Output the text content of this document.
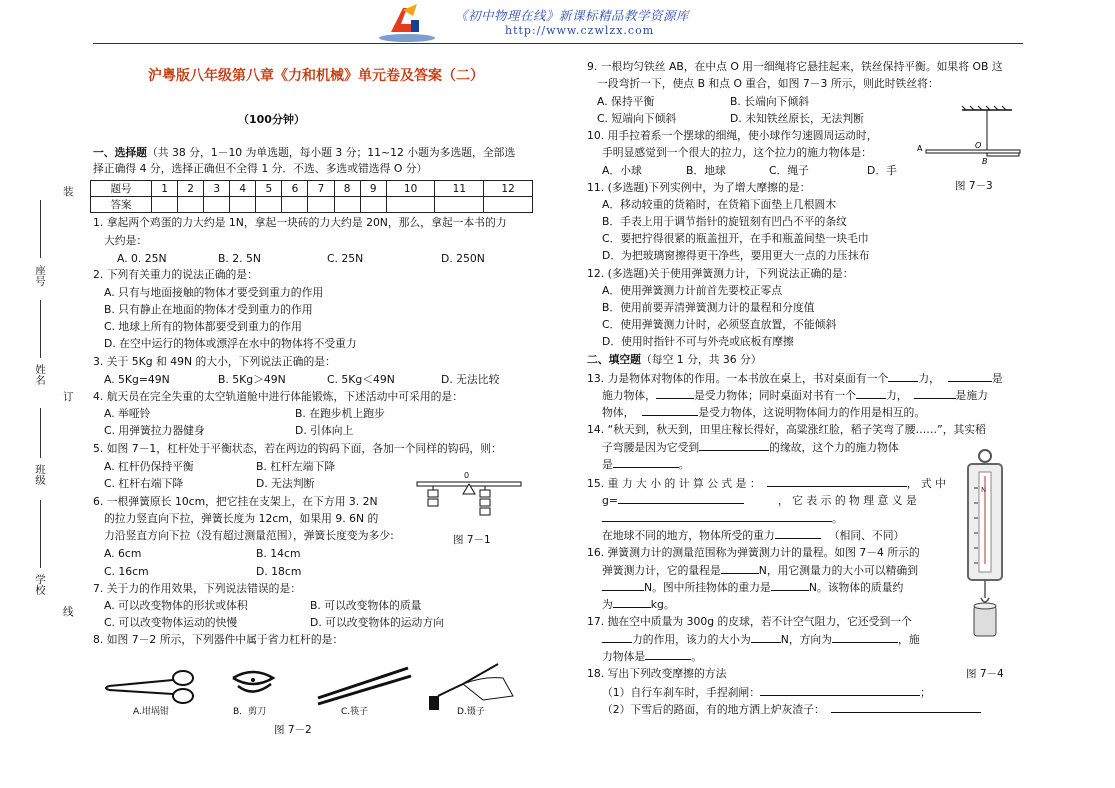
《初中物理在线》新课标精品教学资源库
http://www.czwlzx.com
装
订
线
座号
姓名
班级
学校
沪粤版八年级第八章《力和机械》单元卷及答案（二）
（100分钟）
一、选择题（共 38 分，1－10 为单选题，每小题 3 分；11~12 小题为多选题，全部选
择正确得 4 分，选择正确但不全得 1 分．不选、多选或错选得 O 分）
题号	1	2	3	4	5	6	7	8	9	10	11	12
答案												
1. 拿起两个鸡蛋的力大约是 1N，拿起一块砖的力大约是 20N，那么，拿起一本书的力
大约是：
A. 0. 25N	B. 2. 5N	C. 25N	D. 250N
2. 下列有关重力的说法正确的是：
A. 只有与地面接触的物体才要受到重力的作用
B. 只有静止在地面的物体才受到重力的作用
C. 地球上所有的物体都要受到重力的作用
D. 在空中运行的物体或漂浮在水中的物体将不受重力
3. 关于 5Kg 和 49N 的大小，下列说法正确的是：
A. 5Kg=49N	B. 5Kg＞49N	C. 5Kg＜49N	D. 无法比较
4. 航天员在完全失重的太空轨道舱中进行体能锻炼，下述活动中可采用的是：
A. 举哑铃	B. 在跑步机上跑步
C. 用弹簧拉力器健身	D. 引体向上
5. 如图 7－1，杠杆处于平衡状态，若在两边的钩码下面，各加一个同样的钩码，则：
A. 杠杆仍保持平衡	B. 杠杆左端下降
C. 杠杆右端下降	D. 无法判断
0
图 7－1
6. 一根弹簧原长 10cm，把它挂在支架上，在下方用 3. 2N
的拉力竖直向下拉，弹簧长度为 12cm，如果用 9. 6N 的
力沿竖直方向下拉（没有超过测量范围），弹簧长度变为多少:
A. 6cm	B. 14cm
C. 16cm	D. 18cm
7. 关于力的作用效果，下列说法错误的是：
A. 可以改变物体的形状或体积	B. 可以改变物体的质量
C. 可以改变物体运动的快慢	D. 可以改变物体的运动方向
8. 如图 7－2 所示，下列器件中属于省力杠杆的是：
A.坩埚钳	B．剪刀	C.筷子	D.镊子
图 7－2
9. 一根均匀铁丝 AB，在中点 O 用一细绳将它悬挂起来，铁丝保持平衡。如果将 OB 这
一段弯折一下，使点 B 和点 O 重合，如图 7－3 所示，则此时铁丝将：
A. 保持平衡	B. 长端向下倾斜
C. 短端向下倾斜	D. 未知铁丝原长，无法判断
A	O
B
图 7－3
10. 用手拉着系一个摆球的细绳，使小球作匀速圆周运动时，
手明显感觉到一个很大的拉力，这个拉力的施力物体是：
A．小球	B．地球	C．绳子	D．手
11. (多选题)下列实例中，为了增大摩擦的是：
A．移动较重的货箱时，在货箱下面垫上几根圆木
B．手表上用于调节指针的旋钮刻有凹凸不平的条纹
C．要把拧得很紧的瓶盖扭开，在手和瓶盖间垫一块毛巾
D．为把玻璃窗擦得更干净些，要用更大一点的力压抹布
12. (多选题)关于使用弹簧测力计，下列说法正确的是：
A．使用弹簧测力计前首先要校正零点
B．使用前要弄清弹簧测力计的量程和分度值
C．使用弹簧测力计时，必须竖直放置，不能倾斜
D．使用时指针不可与外壳或底板有摩擦
二、填空题（每空 1 分，共 36 分）
13. 力是物体对物体的作用。一本书放在桌上，书对桌面有一个	力，	是
施力物体，	是受力物体；同时桌面对书有一个	力，	是施力
物体，	是受力物体，这说明物体间力的作用是相互的。
14. “秋天到，秋天到，田里庄稼长得好，高粱涨红脸，稻子笑弯了腰……”，其实稻
子弯腰是因为它受到	的缘故，这个力的施力物体
是	。
15. 重 力 大 小 的 计 算 公 式 是 ：	， 式 中
g=	， 它 表 示 的 物 理 意 义 是
。
在地球不同的地方，物体所受的重力	（相同、不同）
16. 弹簧测力计的测量范围称为弹簧测力计的量程。如图 7－4 所示的
弹簧测力计，它的量程是	N，用它测量力的大小可以精确到
N。图中所挂物体的重力是	N。该物体的质量约
为	kg。
17. 抛在空中质量为 300g 的皮球，若不计空气阻力，它还受到一个
力的作用，该力的大小为	N，方向为	，施
力物体是	。
18. 写出下列改变摩擦的方法
（1）自行车刹车时，手捏刹闸：	；
（2）下雪后的路面，有的地方洒上炉灰渣子：
N
图 7－4
